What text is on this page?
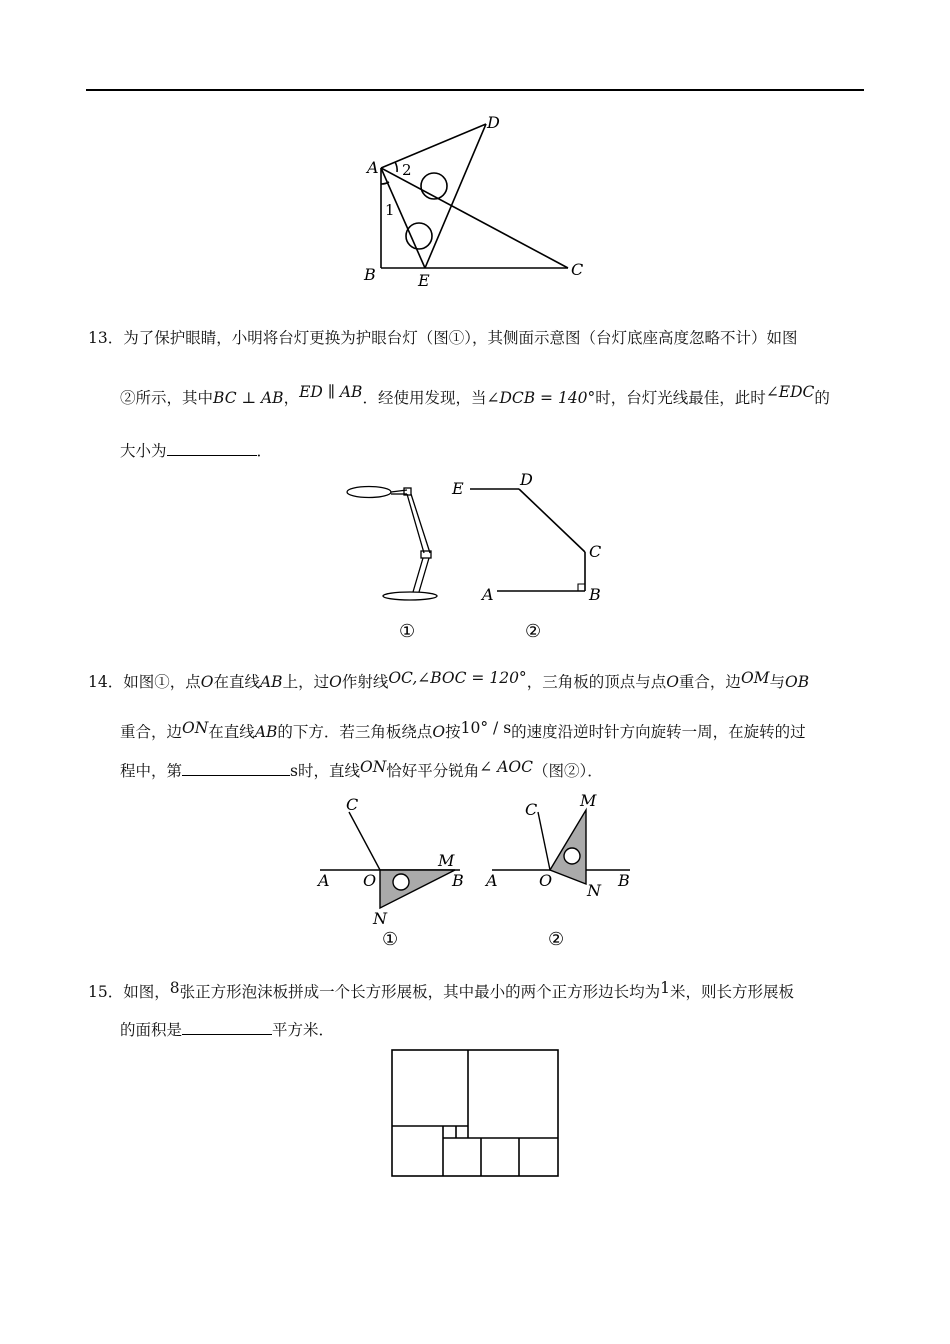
A
D
B	E
C
1
2
13．为了保护眼睛，小明将台灯更换为护眼台灯（图①），其侧面示意图（台灯底座高度忽略不计）如图
②所示，其中BC ⊥ AB，ED ∥ AB．经使用发现，当∠DCB = 140°时，台灯光线最佳，此时∠EDC的
大小为	．
E	D
C
A	B
①	②
14．如图①，点O在直线AB上，过O作射线OC,∠BOC = 120°，三角板的顶点与点O重合，边OM与OB
重合，边ON在直线AB的下方．若三角板绕点O按10° / s的速度沿逆时针方向旋转一周，在旋转的过
程中，第	s时，直线ON恰好平分锐角∠ AOC（图②）．
C
A O
M
B
N
①
C	M
A	O
N
B
②
15．如图，8张正方形泡沫板拼成一个长方形展板，其中最小的两个正方形边长均为1米，则长方形展板
的面积是	平方米．
